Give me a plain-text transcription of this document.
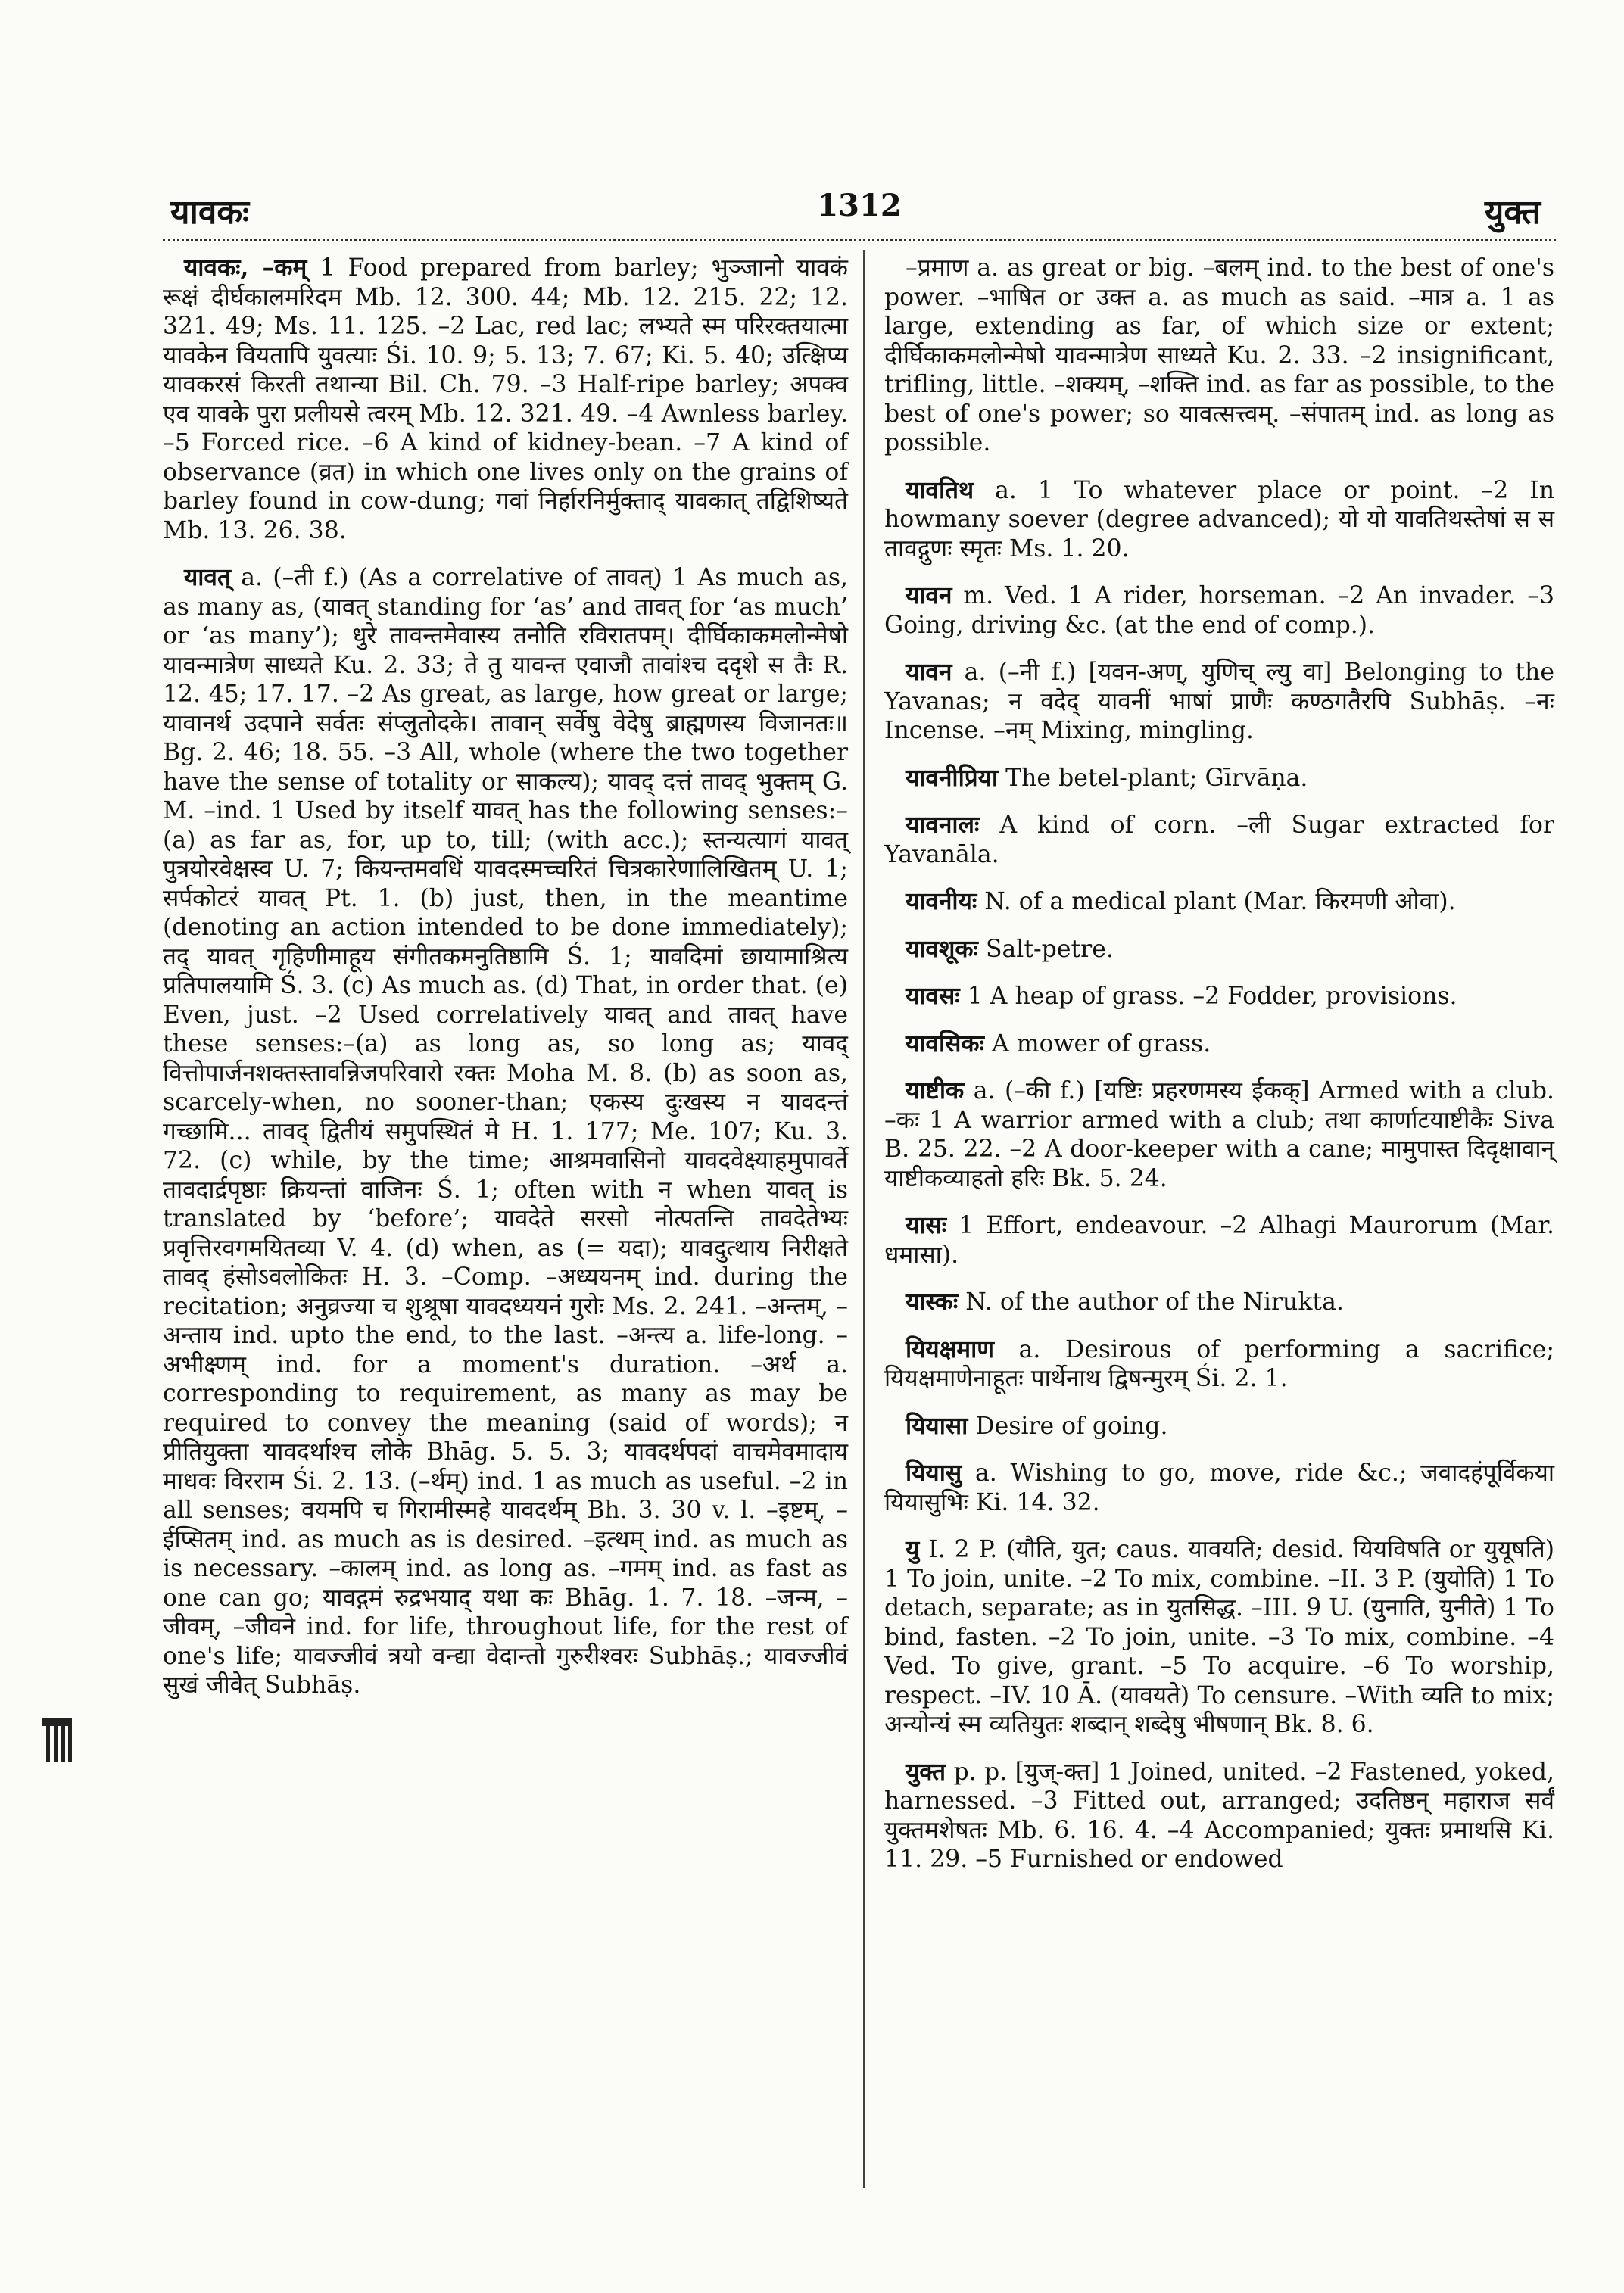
यावकः	1312	युक्त

यावकः, –कम् 1 Food prepared from barley; भुञ्जानो यावकं रूक्षं दीर्घकालमरिदम Mb. 12. 300. 44; Mb. 12. 215. 22; 12. 321. 49; Ms. 11. 125. –2 Lac, red lac; लभ्यते स्म परिरक्तयात्मा यावकेन वियतापि युवत्याः Śi. 10. 9; 5. 13; 7. 67; Ki. 5. 40; उत्क्षिप्य यावकरसं किरती तथान्या Bil. Ch. 79. –3 Half-ripe barley; अपक्व एव यावके पुरा प्रलीयसे त्वरम् Mb. 12. 321. 49. –4 Awnless barley. –5 Forced rice. –6 A kind of kidney-bean. –7 A kind of observance (व्रत) in which one lives only on the grains of barley found in cow-dung; गवां निर्हारनिर्मुक्ताद् यावकात् तद्विशिष्यते Mb. 13. 26. 38.

यावत् a. (–ती f.) (As a correlative of तावत्) 1 As much as, as many as, (यावत् standing for ‘as’ and तावत् for ‘as much’ or ‘as many’); धुरे तावन्तमेवास्य तनोति रविरातपम्। दीर्घिकाकमलोन्मेषो यावन्मात्रेण साध्यते Ku. 2. 33; ते तु यावन्त एवाजौ तावांश्च ददृशे स तैः R. 12. 45; 17. 17. –2 As great, as large, how great or large; यावानर्थ उदपाने सर्वतः संप्लुतोदके। तावान् सर्वेषु वेदेषु ब्राह्मणस्य विजानतः॥ Bg. 2. 46; 18. 55. –3 All, whole (where the two together have the sense of totality or साकल्य); यावद् दत्तं तावद् भुक्तम् G. M. –ind. 1 Used by itself यावत् has the following senses:–(a) as far as, for, up to, till; (with acc.); स्तन्यत्यागं यावत् पुत्रयोरवेक्षस्व U. 7; कियन्तमवधिं यावदस्मच्चरितं चित्रकारेणालिखितम् U. 1; सर्पकोटरं यावत् Pt. 1. (b) just, then, in the meantime (denoting an action intended to be done immediately); तद् यावत् गृहिणीमाहूय संगीतकमनुतिष्ठामि Ś. 1; यावदिमां छायामाश्रित्य प्रतिपालयामि Ś. 3. (c) As much as. (d) That, in order that. (e) Even, just. –2 Used correlatively यावत् and तावत् have these senses:–(a) as long as, so long as; यावद् वित्तोपार्जनशक्तस्तावन्निजपरिवारो रक्तः Moha M. 8. (b) as soon as, scarcely-when, no sooner-than; एकस्य दुःखस्य न यावदन्तं गच्छामि... तावद् द्वितीयं समुपस्थितं मे H. 1. 177; Me. 107; Ku. 3. 72. (c) while, by the time; आश्रमवासिनो यावदवेक्ष्याहमुपावर्ते तावदार्द्रपृष्ठाः क्रियन्तां वाजिनः Ś. 1; often with न when यावत् is translated by ‘before’; यावदेते सरसो नोत्पतन्ति तावदेतेभ्यः प्रवृत्तिरवगमयितव्या V. 4. (d) when, as (= यदा); यावदुत्थाय निरीक्षते तावद् हंसोऽवलोकितः H. 3. –Comp. –अध्ययनम् ind. during the recitation; अनुव्रज्या च शुश्रूषा यावदध्ययनं गुरोः Ms. 2. 241. –अन्तम्, –अन्ताय ind. upto the end, to the last. –अन्त्य a. life-long. –अभीक्ष्णम् ind. for a moment's duration. –अर्थ a. corresponding to requirement, as many as may be required to convey the meaning (said of words); न प्रीतियुक्ता यावदर्थाश्च लोके Bhāg. 5. 5. 3; यावदर्थपदां वाचमेवमादाय माधवः विरराम Śi. 2. 13. (–र्थम्) ind. 1 as much as useful. –2 in all senses; वयमपि च गिरामीस्महे यावदर्थम् Bh. 3. 30 v. l. –इष्टम्, –ईप्सितम् ind. as much as is desired. –इत्थम् ind. as much as is necessary. –कालम् ind. as long as. –गमम् ind. as fast as one can go; यावद्गमं रुद्रभयाद् यथा कः Bhāg. 1. 7. 18. –जन्म, –जीवम्, –जीवने ind. for life, throughout life, for the rest of one's life; यावज्जीवं त्रयो वन्द्या वेदान्तो गुरुरीश्वरः Subhāṣ.; यावज्जीवं सुखं जीवेत् Subhāṣ.

–प्रमाण a. as great or big. –बलम् ind. to the best of one's power. –भाषित or उक्त a. as much as said. –मात्र a. 1 as large, extending as far, of which size or extent; दीर्घिकाकमलोन्मेषो यावन्मात्रेण साध्यते Ku. 2. 33. –2 insignificant, trifling, little. –शक्यम्, –शक्ति ind. as far as possible, to the best of one's power; so यावत्सत्त्वम्. –संपातम् ind. as long as possible.

यावतिथ a. 1 To whatever place or point. –2 In howmany soever (degree advanced); यो यो यावतिथस्तेषां स स तावद्गुणः स्मृतः Ms. 1. 20.

यावन m. Ved. 1 A rider, horseman. –2 An invader. –3 Going, driving &c. (at the end of comp.).

यावन a. (–नी f.) [यवन-अण्, युणिच् ल्यु वा] Belonging to the Yavanas; न वदेद् यावनीं भाषां प्राणैः कण्ठगतैरपि Subhāṣ. –नः Incense. –नम् Mixing, mingling.

यावनीप्रिया The betel-plant; Gīrvāṇa.

यावनालः A kind of corn. –ली Sugar extracted for Yavanāla.

यावनीयः N. of a medical plant (Mar. किरमणी ओवा).

यावशूकः Salt-petre.

यावसः 1 A heap of grass. –2 Fodder, provisions.

यावसिकः A mower of grass.

याष्टीक a. (–की f.) [यष्टिः प्रहरणमस्य ईकक्] Armed with a club. –कः 1 A warrior armed with a club; तथा कार्णाटयाष्टीकैः Siva B. 25. 22. –2 A door-keeper with a cane; मामुपास्त दिदृक्षावान् याष्टीकव्याहतो हरिः Bk. 5. 24.

यासः 1 Effort, endeavour. –2 Alhagi Maurorum (Mar. धमासा).

यास्कः N. of the author of the Nirukta.

यियक्षमाण a. Desirous of performing a sacrifice; यियक्षमाणेनाहूतः पार्थेनाथ द्विषन्मुरम् Śi. 2. 1.

यियासा Desire of going.

यियासु a. Wishing to go, move, ride &c.; जवादहंपूर्विकया यियासुभिः Ki. 14. 32.

यु I. 2 P. (यौति, युत; caus. यावयति; desid. यियविषति or युयूषति) 1 To join, unite. –2 To mix, combine. –II. 3 P. (युयोति) 1 To detach, separate; as in युतसिद्ध. –III. 9 U. (युनाति, युनीते) 1 To bind, fasten. –2 To join, unite. –3 To mix, combine. –4 Ved. To give, grant. –5 To acquire. –6 To worship, respect. –IV. 10 Ā. (यावयते) To censure. –With व्यति to mix; अन्योन्यं स्म व्यतियुतः शब्दान् शब्देषु भीषणान् Bk. 8. 6.

युक्त p. p. [युज्-क्त] 1 Joined, united. –2 Fastened, yoked, harnessed. –3 Fitted out, arranged; उदतिष्ठन् महाराज सर्वं युक्तमशेषतः Mb. 6. 16. 4. –4 Accompanied; युक्तः प्रमाथसि Ki. 11. 29. –5 Furnished or endowed
